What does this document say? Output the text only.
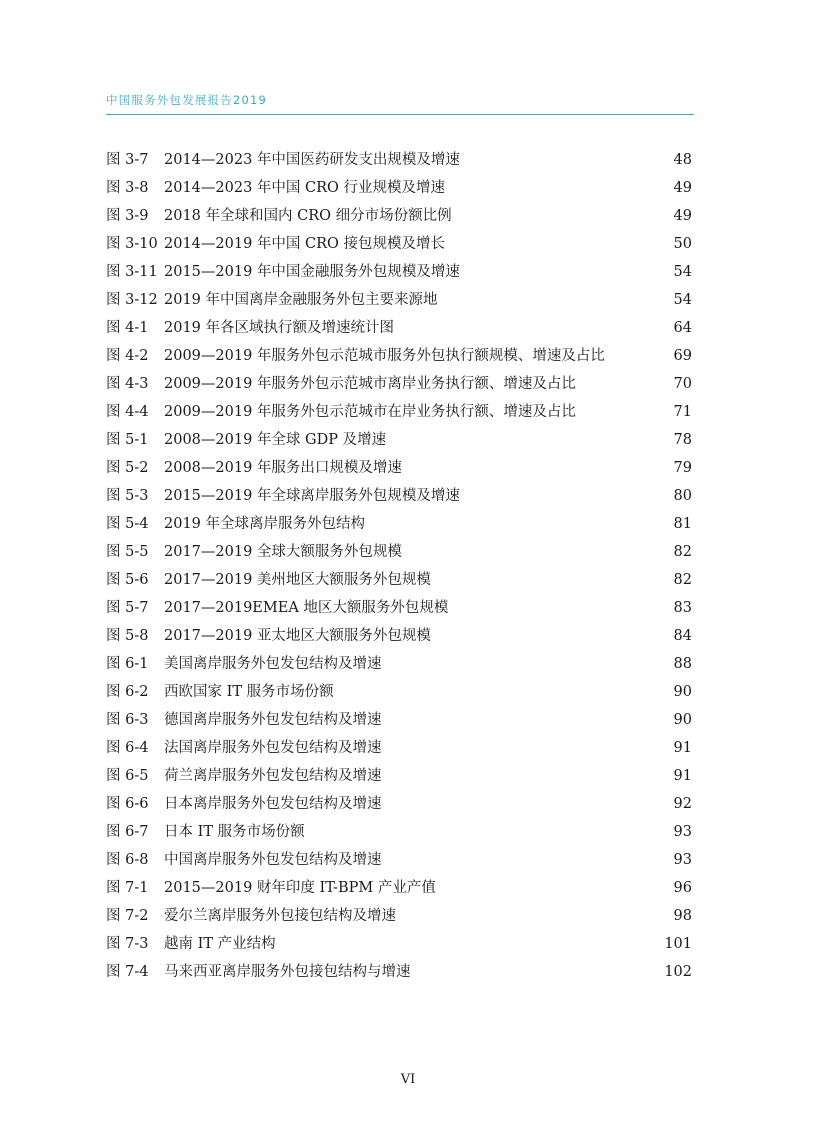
中国服务外包发展报告2019
图 3-7 2014—2023 年中国医药研发支出规模及增速	48
图 3-8 2014—2023 年中国 CRO 行业规模及增速	49
图 3-9 2018 年全球和国内 CRO 细分市场份额比例	49
图 3-10 2014—2019 年中国 CRO 接包规模及增长	50
图 3-11 2015—2019 年中国金融服务外包规模及增速	54
图 3-12 2019 年中国离岸金融服务外包主要来源地	54
图 4-1 2019 年各区域执行额及增速统计图	64
图 4-2 2009—2019 年服务外包示范城市服务外包执行额规模、增速及占比	69
图 4-3 2009—2019 年服务外包示范城市离岸业务执行额、增速及占比	70
图 4-4 2009—2019 年服务外包示范城市在岸业务执行额、增速及占比	71
图 5-1 2008—2019 年全球 GDP 及增速	78
图 5-2 2008—2019 年服务出口规模及增速	79
图 5-3 2015—2019 年全球离岸服务外包规模及增速	80
图 5-4 2019 年全球离岸服务外包结构	81
图 5-5 2017—2019 全球大额服务外包规模	82
图 5-6 2017—2019 美州地区大额服务外包规模	82
图 5-7 2017—2019EMEA 地区大额服务外包规模	83
图 5-8 2017—2019 亚太地区大额服务外包规模	84
图 6-1 美国离岸服务外包发包结构及增速	88
图 6-2 西欧国家 IT 服务市场份额	90
图 6-3 德国离岸服务外包发包结构及增速	90
图 6-4 法国离岸服务外包发包结构及增速	91
图 6-5 荷兰离岸服务外包发包结构及增速	91
图 6-6 日本离岸服务外包发包结构及增速	92
图 6-7 日本 IT 服务市场份额	93
图 6-8 中国离岸服务外包发包结构及增速	93
图 7-1 2015—2019 财年印度 IT-BPM 产业产值	96
图 7-2 爱尔兰离岸服务外包接包结构及增速	98
图 7-3 越南 IT 产业结构	101
图 7-4 马来西亚离岸服务外包接包结构与增速	102
VI
